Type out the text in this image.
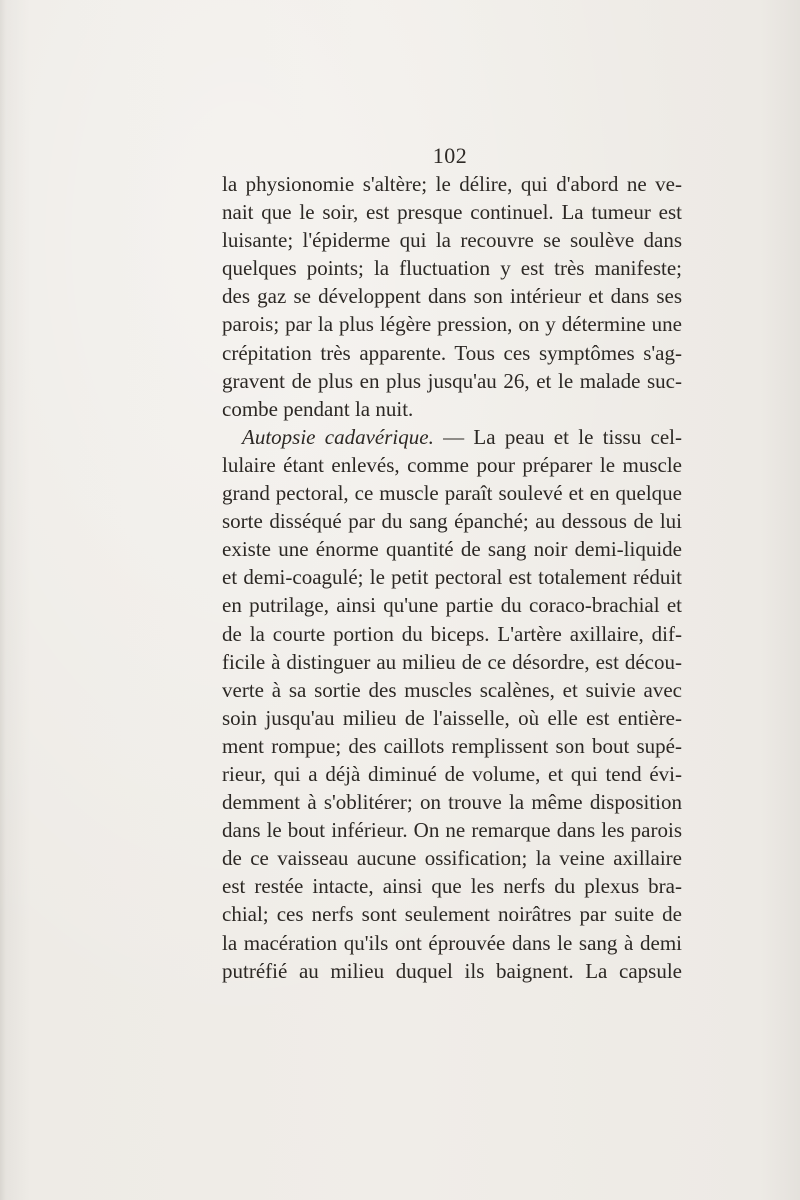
102
la physionomie s'altère; le délire, qui d'abord ne ve-
nait que le soir, est presque continuel. La tumeur est
luisante; l'épiderme qui la recouvre se soulève dans
quelques points; la fluctuation y est très manifeste;
des gaz se développent dans son intérieur et dans ses
parois; par la plus légère pression, on y détermine une
crépitation très apparente. Tous ces symptômes s'ag-
gravent de plus en plus jusqu'au 26, et le malade suc-
combe pendant la nuit.
Autopsie cadavérique. — La peau et le tissu cel-
lulaire étant enlevés, comme pour préparer le muscle
grand pectoral, ce muscle paraît soulevé et en quelque
sorte disséqué par du sang épanché; au dessous de lui
existe une énorme quantité de sang noir demi-liquide
et demi-coagulé; le petit pectoral est totalement réduit
en putrilage, ainsi qu'une partie du coraco-brachial et
de la courte portion du biceps. L'artère axillaire, dif-
ficile à distinguer au milieu de ce désordre, est décou-
verte à sa sortie des muscles scalènes, et suivie avec
soin jusqu'au milieu de l'aisselle, où elle est entière-
ment rompue; des caillots remplissent son bout supé-
rieur, qui a déjà diminué de volume, et qui tend évi-
demment à s'oblitérer; on trouve la même disposition
dans le bout inférieur. On ne remarque dans les parois
de ce vaisseau aucune ossification; la veine axillaire
est restée intacte, ainsi que les nerfs du plexus bra-
chial; ces nerfs sont seulement noirâtres par suite de
la macération qu'ils ont éprouvée dans le sang à demi
putréfié au milieu duquel ils baignent. La capsule
